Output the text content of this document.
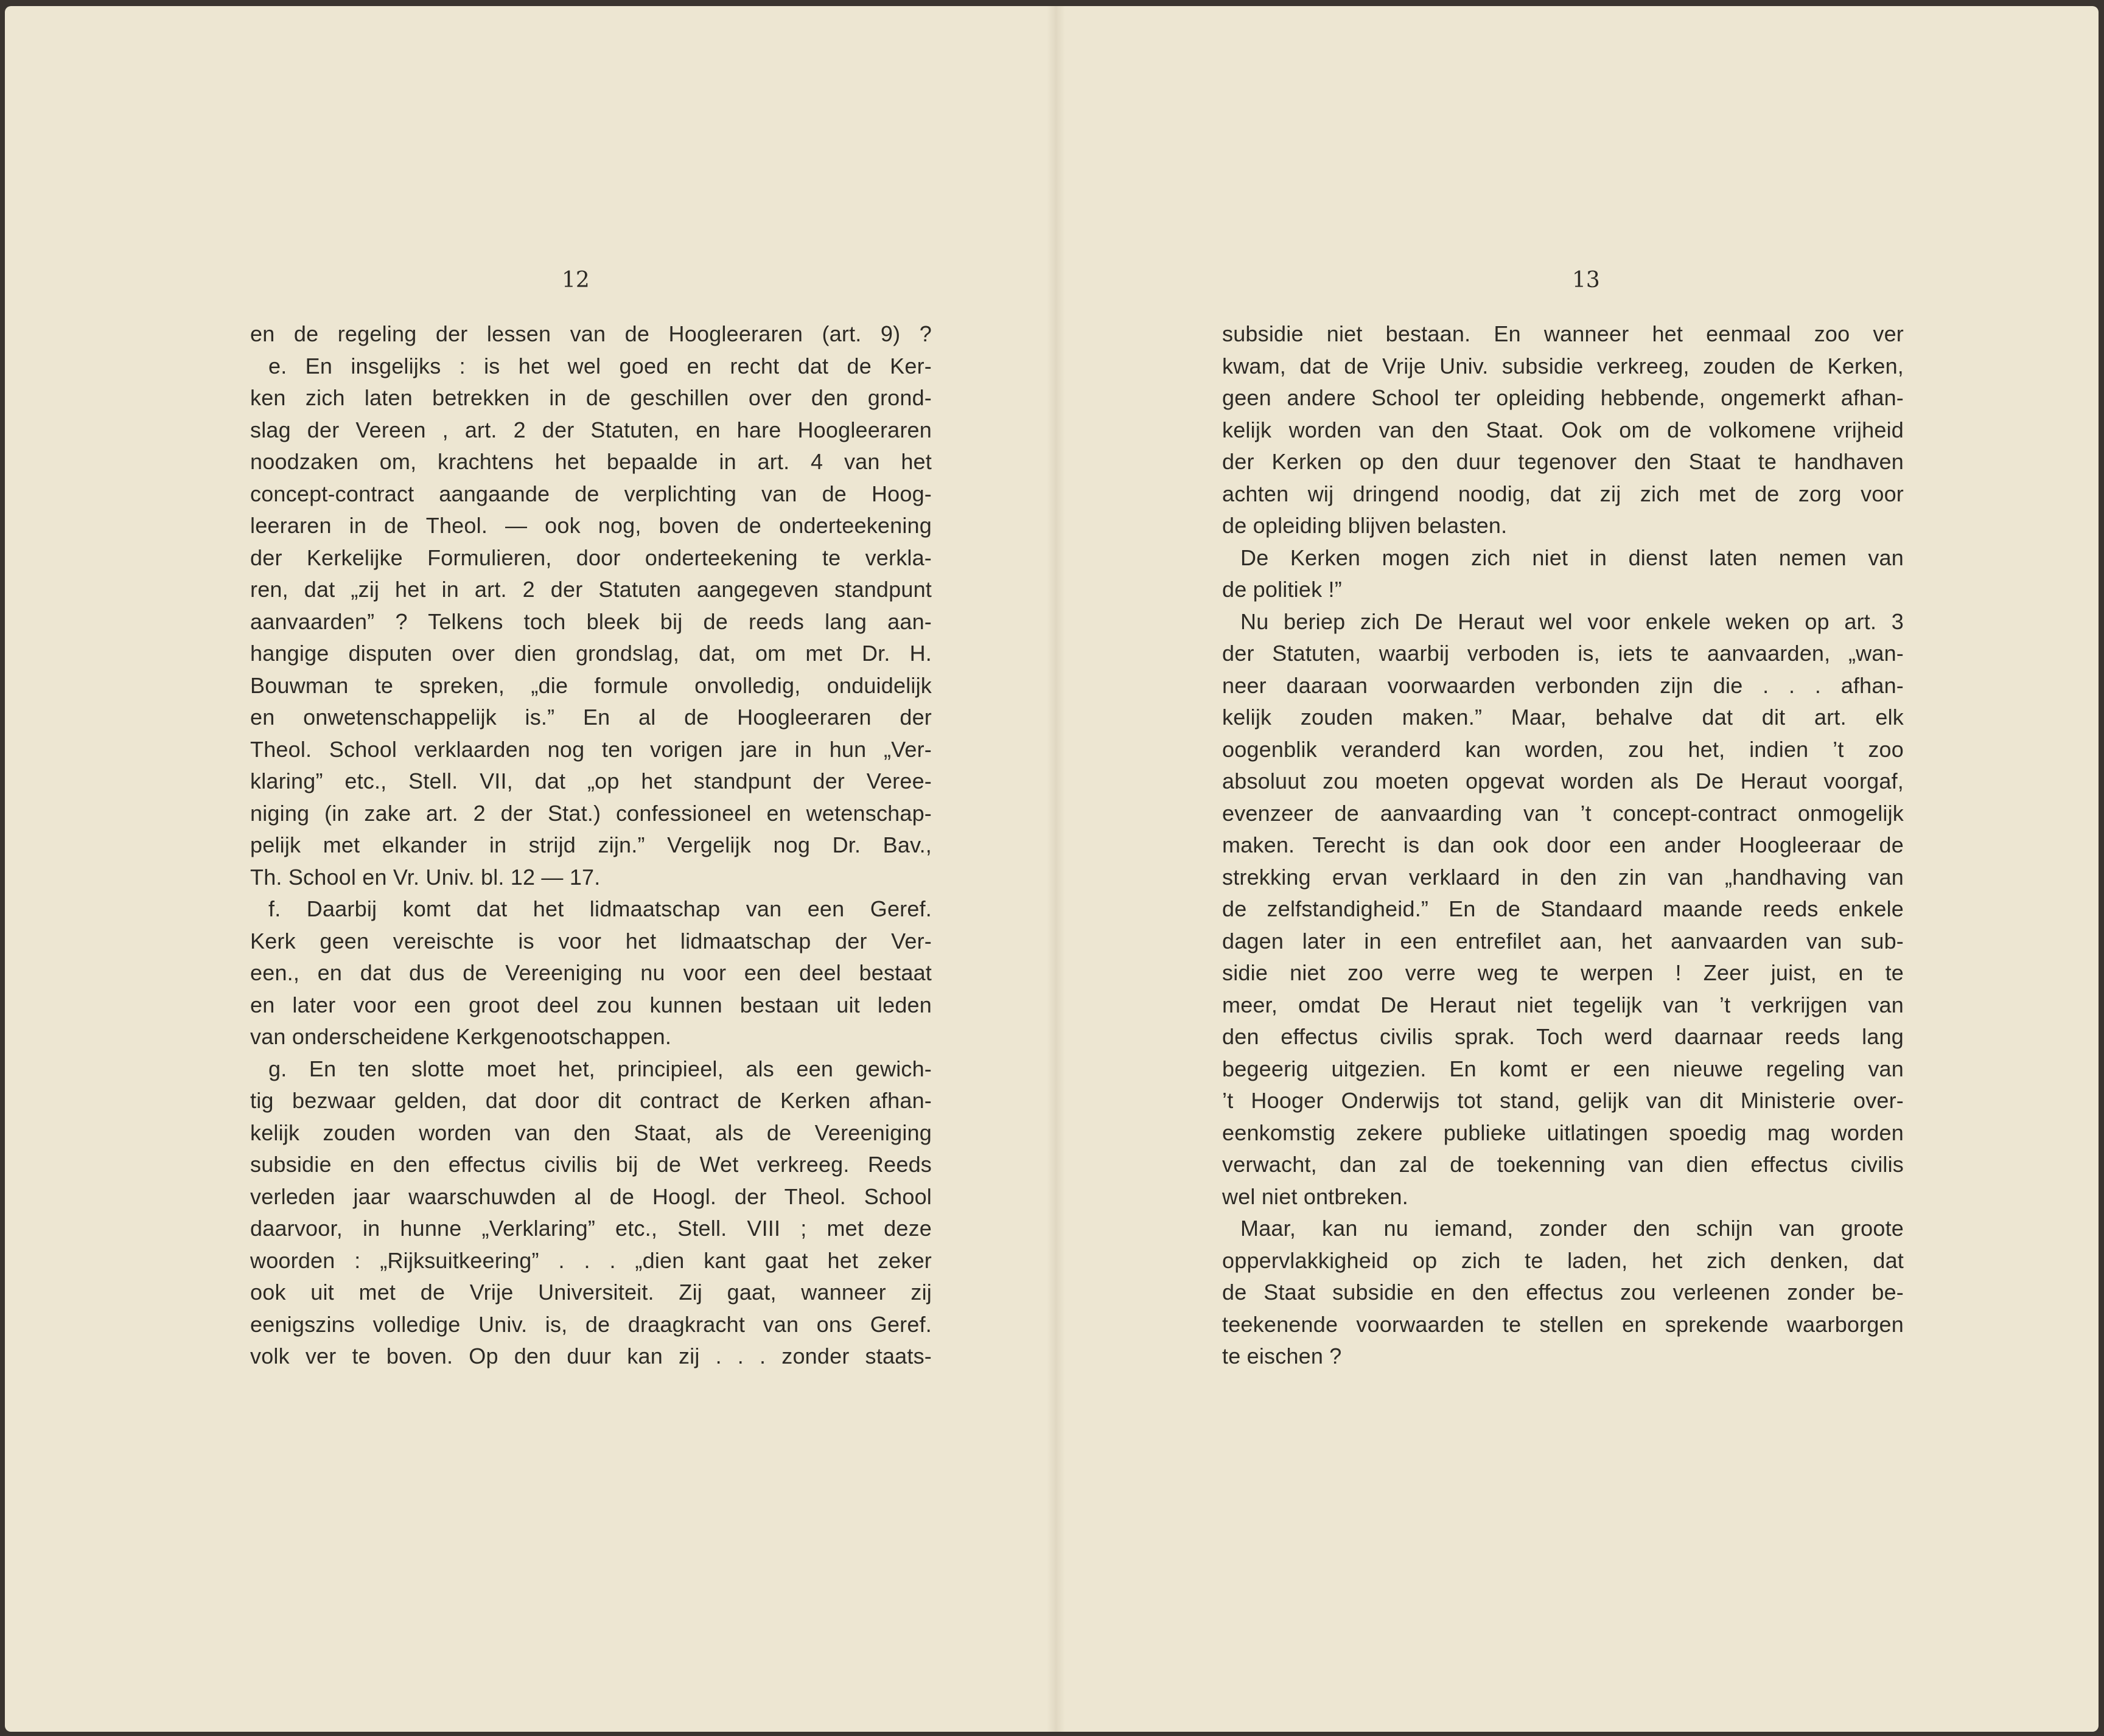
12
en de regeling der lessen van de Hoogleeraren (art. 9) ?
e. En insgelijks : is het wel goed en recht dat de Ker-
ken zich laten betrekken in de geschillen over den grond-
slag der Vereen , art. 2 der Statuten, en hare Hoogleeraren
noodzaken om, krachtens het bepaalde in art. 4 van het
concept-contract aangaande de verplichting van de Hoog-
leeraren in de Theol. — ook nog, boven de onderteekening
der Kerkelijke Formulieren, door onderteekening te verkla-
ren, dat „zij het in art. 2 der Statuten aangegeven standpunt
aanvaarden” ? Telkens toch bleek bij de reeds lang aan-
hangige disputen over dien grondslag, dat, om met Dr. H.
Bouwman te spreken, „die formule onvolledig, onduidelijk
en onwetenschappelijk is.” En al de Hoogleeraren der
Theol. School verklaarden nog ten vorigen jare in hun „Ver-
klaring” etc., Stell. VII, dat „op het standpunt der Veree-
niging (in zake art. 2 der Stat.) confessioneel en wetenschap-
pelijk met elkander in strijd zijn.” Vergelijk nog Dr. Bav.,
Th. School en Vr. Univ. bl. 12 — 17.
f. Daarbij komt dat het lidmaatschap van een Geref.
Kerk geen vereischte is voor het lidmaatschap der Ver-
een., en dat dus de Vereeniging nu voor een deel bestaat
en later voor een groot deel zou kunnen bestaan uit leden
van onderscheidene Kerkgenootschappen.
g. En ten slotte moet het, principieel, als een gewich-
tig bezwaar gelden, dat door dit contract de Kerken afhan-
kelijk zouden worden van den Staat, als de Vereeniging
subsidie en den effectus civilis bij de Wet verkreeg. Reeds
verleden jaar waarschuwden al de Hoogl. der Theol. School
daarvoor, in hunne „Verklaring” etc., Stell. VIII ; met deze
woorden : „Rijksuitkeering” . . . „dien kant gaat het zeker
ook uit met de Vrije Universiteit. Zij gaat, wanneer zij
eenigszins volledige Univ. is, de draagkracht van ons Geref.
volk ver te boven. Op den duur kan zij . . . zonder staats-
13
subsidie niet bestaan. En wanneer het eenmaal zoo ver
kwam, dat de Vrije Univ. subsidie verkreeg, zouden de Kerken,
geen andere School ter opleiding hebbende, ongemerkt afhan-
kelijk worden van den Staat. Ook om de volkomene vrijheid
der Kerken op den duur tegenover den Staat te handhaven
achten wij dringend noodig, dat zij zich met de zorg voor
de opleiding blijven belasten.
De Kerken mogen zich niet in dienst laten nemen van
de politiek !”
Nu beriep zich De Heraut wel voor enkele weken op art. 3
der Statuten, waarbij verboden is, iets te aanvaarden, „wan-
neer daaraan voorwaarden verbonden zijn die . . . afhan-
kelijk zouden maken.” Maar, behalve dat dit art. elk
oogenblik veranderd kan worden, zou het, indien ’t zoo
absoluut zou moeten opgevat worden als De Heraut voorgaf,
evenzeer de aanvaarding van ’t concept-contract onmogelijk
maken. Terecht is dan ook door een ander Hoogleeraar de
strekking ervan verklaard in den zin van „handhaving van
de zelfstandigheid.” En de Standaard maande reeds enkele
dagen later in een entrefilet aan, het aanvaarden van sub-
sidie niet zoo verre weg te werpen ! Zeer juist, en te
meer, omdat De Heraut niet tegelijk van ’t verkrijgen van
den effectus civilis sprak. Toch werd daarnaar reeds lang
begeerig uitgezien. En komt er een nieuwe regeling van
’t Hooger Onderwijs tot stand, gelijk van dit Ministerie over-
eenkomstig zekere publieke uitlatingen spoedig mag worden
verwacht, dan zal de toekenning van dien effectus civilis
wel niet ontbreken.
Maar, kan nu iemand, zonder den schijn van groote
oppervlakkigheid op zich te laden, het zich denken, dat
de Staat subsidie en den effectus zou verleenen zonder be-
teekenende voorwaarden te stellen en sprekende waarborgen
te eischen ?
